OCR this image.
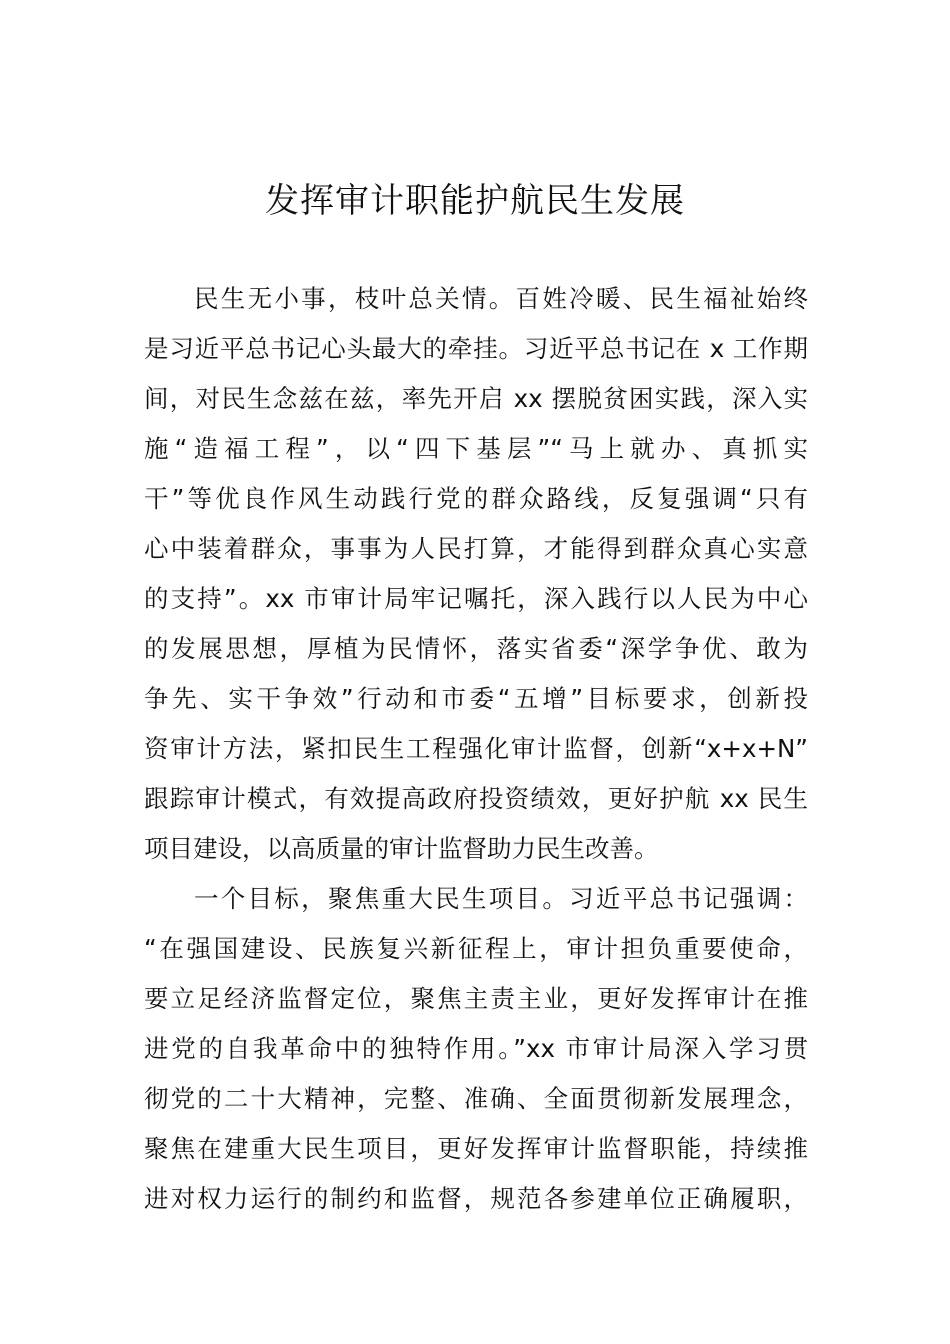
发挥审计职能护航民生发展
民生无小事，枝叶总关情。百姓冷暖、民生福祉始终
是习近平总书记心头最大的牵挂。习近平总书记在 x 工作期
间，对民生念兹在兹，率先开启 xx 摆脱贫困实践，深入实
施“造福工程”，以“四下基层”“马上就办、真抓实
干”等优良作风生动践行党的群众路线，反复强调“只有
心中装着群众，事事为人民打算，才能得到群众真心实意
的支持”。xx 市审计局牢记嘱托，深入践行以人民为中心
的发展思想，厚植为民情怀，落实省委“深学争优、敢为
争先、实干争效”行动和市委“五增”目标要求，创新投
资审计方法，紧扣民生工程强化审计监督，创新“x+x+N”
跟踪审计模式，有效提高政府投资绩效，更好护航 xx 民生
项目建设，以高质量的审计监督助力民生改善。
一个目标，聚焦重大民生项目。习近平总书记强调：
“在强国建设、民族复兴新征程上，审计担负重要使命，
要立足经济监督定位，聚焦主责主业，更好发挥审计在推
进党的自我革命中的独特作用。”xx 市审计局深入学习贯
彻党的二十大精神，完整、准确、全面贯彻新发展理念，
聚焦在建重大民生项目，更好发挥审计监督职能，持续推
进对权力运行的制约和监督，规范各参建单位正确履职，
